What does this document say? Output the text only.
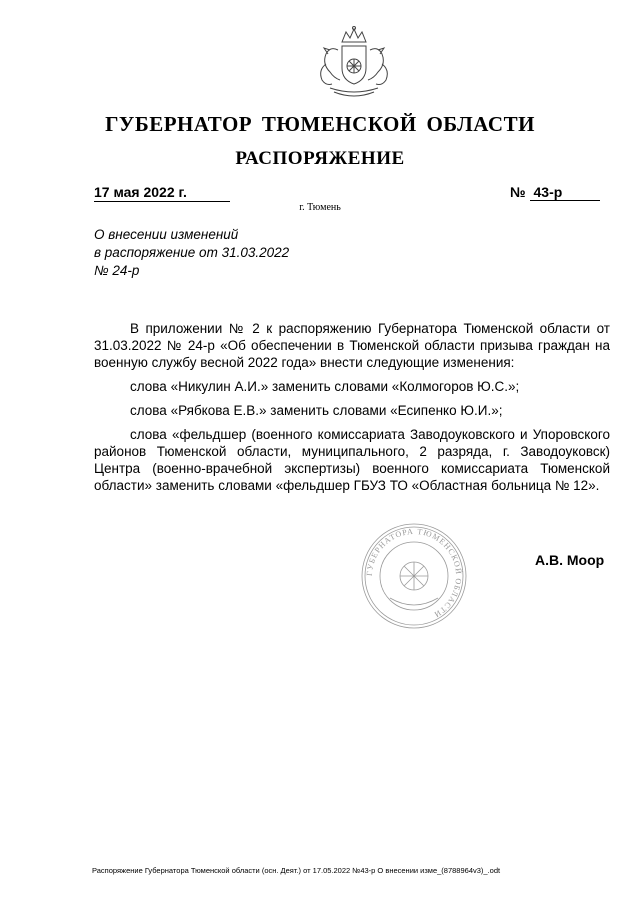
ГУБЕРНАТОР ТЮМЕНСКОЙ ОБЛАСТИ
РАСПОРЯЖЕНИЕ
17 мая 2022 г.	№ 43-р
г. Тюмень
О внесении изменений
в распоряжение от 31.03.2022
№ 24-р

В приложении № 2 к распоряжению Губернатора Тюменской области от 31.03.2022 № 24-р «Об обеспечении в Тюменской области призыва граждан на военную службу весной 2022 года» внести следующие изменения:

слова «Никулин А.И.» заменить словами «Колмогоров Ю.С.»;

слова «Рябкова Е.В.» заменить словами «Есипенко Ю.И.»;

слова «фельдшер (военного комиссариата Заводоуковского и Упоровского районов Тюменской области, муниципального, 2 разряда, г. Заводоуковск) Центра (военно-врачебной экспертизы) военного комиссариата Тюменской области» заменить словами «фельдшер ГБУЗ ТО «Областная больница № 12».

ГУБЕРНАТОРА ТЮМЕНСКОЙ ОБЛАСТИ
А.В. Моор
Распоряжение Губернатора Тюменской области (осн. Деят.) от 17.05.2022 №43-р О внесении изме_(8788964v3)_.odt
